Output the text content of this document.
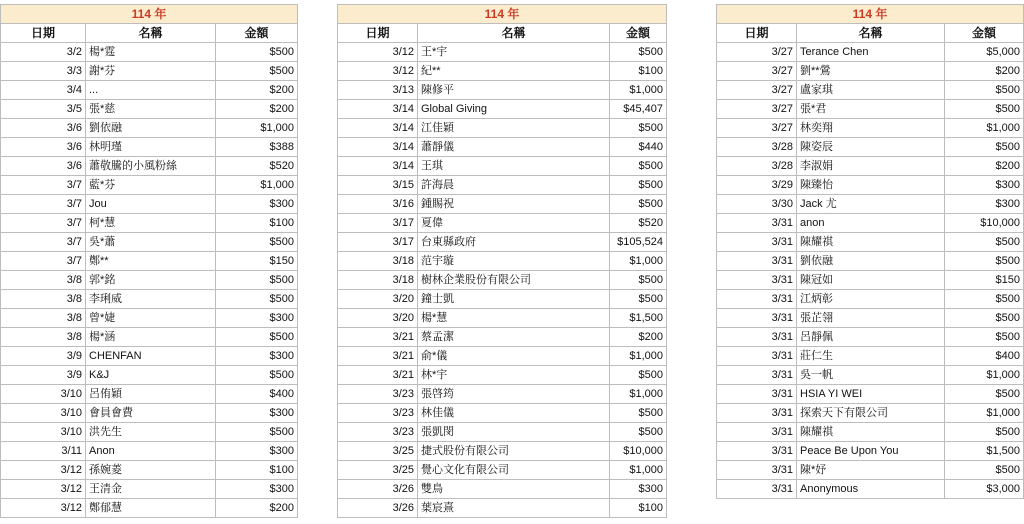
114 年		
日期	名稱	金額
3/2	楊*霆	$500
3/3	謝*芬	$500
3/4	...	$200
3/5	張*慈	$200
3/6	劉依融	$1,000
3/6	林明瑾	$388
3/6	蕭敬騰的小風粉絲	$520
3/7	藍*芬	$1,000
3/7	Jou	$300
3/7	柯*慧	$100
3/7	吳*蕭	$500
3/7	鄭**	$150
3/8	郭*銘	$500
3/8	李琍威	$500
3/8	曾*婕	$300
3/8	楊*涵	$500
3/9	CHENFAN	$300
3/9	K&J	$500
3/10	呂侑穎	$400
3/10	會員會費	$300
3/10	洪先生	$500
3/11	Anon	$300
3/12	孫婉菱	$100
3/12	王清金	$300
3/12	鄭郁慧	$200
114 年		
日期	名稱	金額
3/12	王*宇	$500
3/12	紀**	$100
3/13	陳修平	$1,000
3/14	Global Giving	$45,407
3/14	江佳穎	$500
3/14	蕭靜儀	$440
3/14	王琪	$500
3/15	許海晨	$500
3/16	鍾賜祝	$500
3/17	夏偉	$520
3/17	台東縣政府	$105,524
3/18	范宇璇	$1,000
3/18	樹林企業股份有限公司	$500
3/20	鐘士凱	$500
3/20	楊*慧	$1,500
3/21	蔡孟潔	$200
3/21	俞*儀	$1,000
3/21	林*宇	$500
3/23	張啓筠	$1,000
3/23	林佳儀	$500
3/23	張凱閔	$500
3/25	捷式股份有限公司	$10,000
3/25	覺心文化有限公司	$1,000
3/26	雙鳥	$300
3/26	葉宸熹	$100
114 年		
日期	名稱	金額
3/27	Terance Chen	$5,000
3/27	劉**鶯	$200
3/27	盧家琪	$500
3/27	張*君	$500
3/27	林奕翔	$1,000
3/28	陳姿辰	$500
3/28	李淑娟	$200
3/29	陳臻怡	$300
3/30	Jack 尤	$300
3/31	anon	$10,000
3/31	陳耀祺	$500
3/31	劉依融	$500
3/31	陳冠如	$150
3/31	江炳彰	$500
3/31	張芷翎	$500
3/31	呂靜佩	$500
3/31	莊仁生	$400
3/31	吳一帆	$1,000
3/31	HSIA YI WEI	$500
3/31	探索天下有限公司	$1,000
3/31	陳耀祺	$500
3/31	Peace Be Upon You	$1,500
3/31	陳*妤	$500
3/31	Anonymous	$3,000
